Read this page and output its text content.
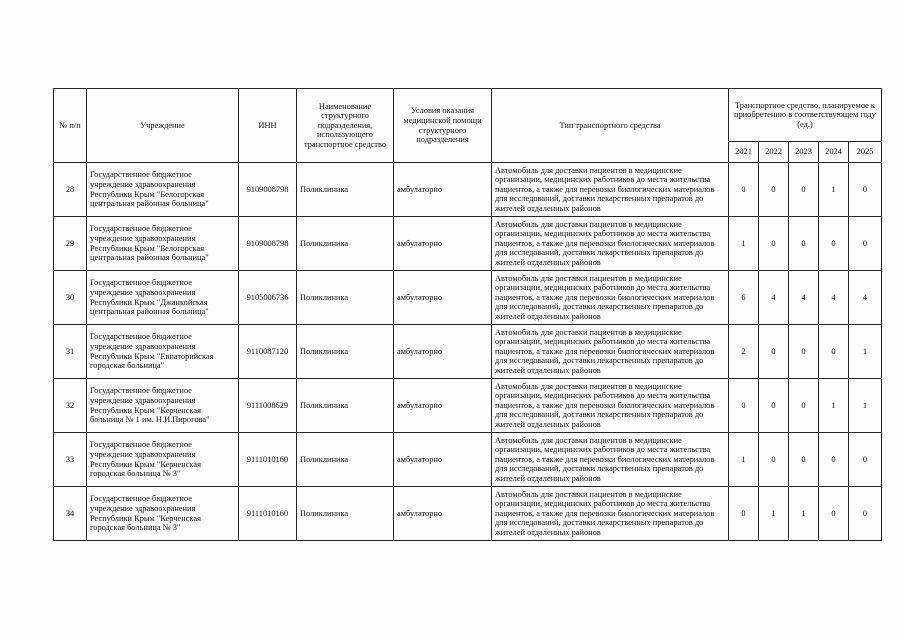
№ п/п	Учреждение	ИНН	Наименование структурного подразделения, использующего транспортное средство	Условия оказания медицинской помощи структурного подразделения	Тип транспортного средства	Транспортное средство, планируемое к приобретению в соответствующем году (ед.)				
						2021	2022	2023	2024	2025
28	Государственное бюджетное учреждение здравоохранения Республики Крым "Белогорская центральная районная больница"	9109008798	Поликлиника	амбулаторно	Автомобиль для доставки пациентов в медицинские организации, медицинских работников до места жительства пациентов, а также для перевозки биологических материалов для исследований, доставки лекарственных препаратов до жителей отдаленных районов	0	0	0	1	0
29	Государственное бюджетное учреждение здравоохранения Республики Крым "Белогорская центральная районная больница"	9109008798	Поликлиника	амбулаторно	Автомобиль для доставки пациентов в медицинские организации, медицинских работников до места жительства пациентов, а также для перевозки биологических материалов для исследований, доставки лекарственных препаратов до жителей отдаленных районов	1	0	0	0	0
30	Государственное бюджетное учреждение здравоохранения Республики Крым "Джанкойская центральная районная больница"	9105006736	Поликлиника	амбулаторно	Автомобиль для доставки пациентов в медицинские организации, медицинских работников до места жительства пациентов, а также для перевозки биологических материалов для исследований, доставки лекарственных препаратов до жителей отдаленных районов	6	4	4	4	4
31	Государственное бюджетное учреждение здравоохранения Республики Крым "Евпаторийская городская больница"	9110087120	Поликлиника	амбулаторно	Автомобиль для доставки пациентов в медицинские организации, медицинских работников до места жительства пациентов, а также для перевозки биологических материалов для исследований, доставки лекарственных препаратов до жителей отдаленных районов	2	0	0	0	1
32	Государственное бюджетное учреждение здравоохранения Республики Крым "Керченская больница № 1 им. Н.И.Пирогова"	9111008629	Поликлиника	амбулаторно	Автомобиль для доставки пациентов в медицинские организации, медицинских работников до места жительства пациентов, а также для перевозки биологических материалов для исследований, доставки лекарственных препаратов до жителей отдаленных районов	0	0	0	1	1
33	Государственное бюджетное учреждение здравоохранения Республики Крым "Керченская городская больница № 3"	9111010160	Поликлиника	амбулаторно	Автомобиль для доставки пациентов в медицинские организации, медицинских работников до места жительства пациентов, а также для перевозки биологических материалов для исследований, доставки лекарственных препаратов до жителей отдаленных районов	1	0	0	0	0
34	Государственное бюджетное учреждение здравоохранения Республики Крым "Керченская городская больница № 3"	9111010160	Поликлиника	амбулаторно	Автомобиль для доставки пациентов в медицинские организации, медицинских работников до места жительства пациентов, а также для перевозки биологических материалов для исследований, доставки лекарственных препаратов до жителей отдаленных районов	0	1	1	0	0
